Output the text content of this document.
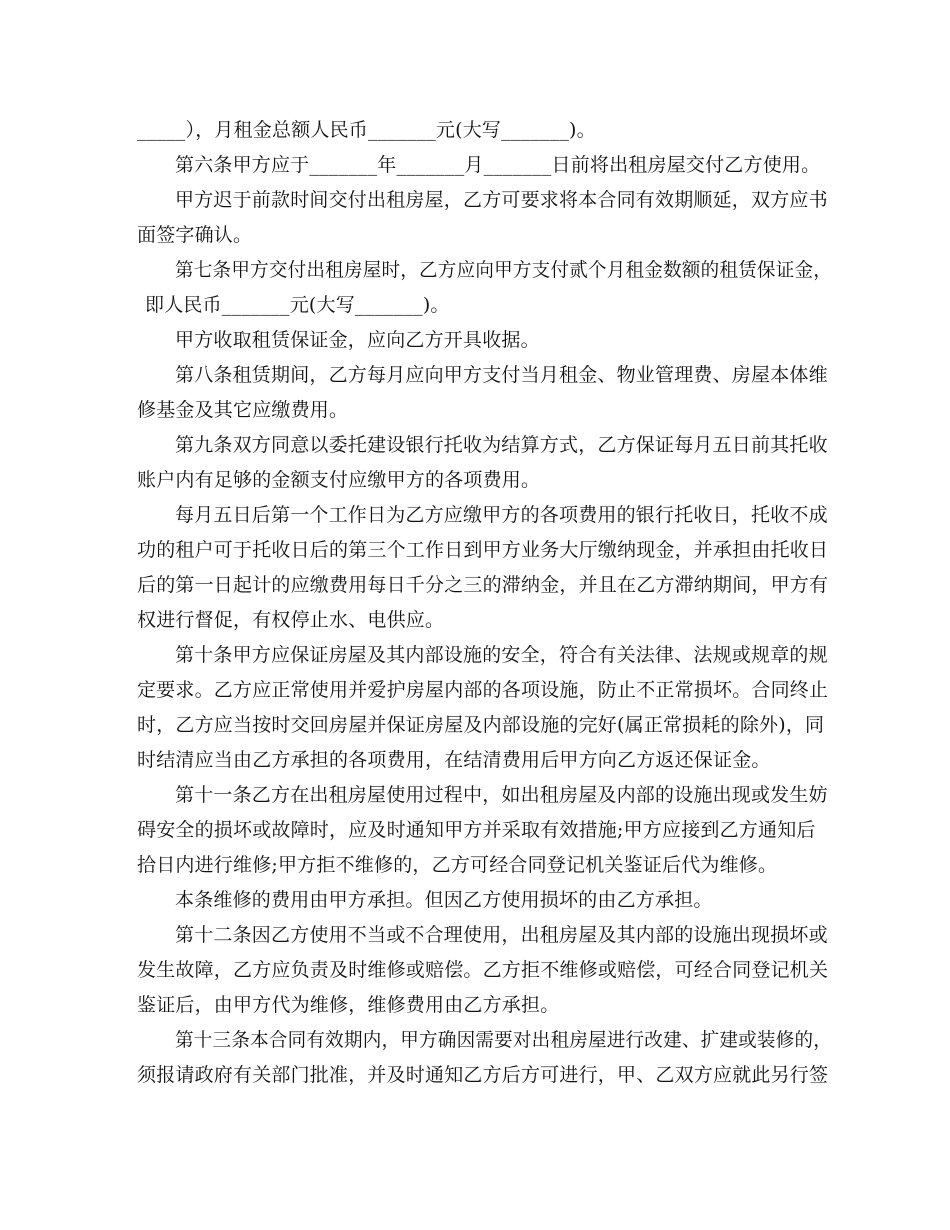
_____），月租金总额人民币_______元(大写_______)。
第六条甲方应于_______年_______月_______日前将出租房屋交付乙方使用。
甲方迟于前款时间交付出租房屋，乙方可要求将本合同有效期顺延，双方应书
面签字确认。
第七条甲方交付出租房屋时，乙方应向甲方支付贰个月租金数额的租赁保证金，
即人民币_______元(大写_______)。
甲方收取租赁保证金，应向乙方开具收据。
第八条租赁期间，乙方每月应向甲方支付当月租金、物业管理费、房屋本体维
修基金及其它应缴费用。
第九条双方同意以委托建设银行托收为结算方式，乙方保证每月五日前其托收
账户内有足够的金额支付应缴甲方的各项费用。
每月五日后第一个工作日为乙方应缴甲方的各项费用的银行托收日，托收不成
功的租户可于托收日后的第三个工作日到甲方业务大厅缴纳现金，并承担由托收日
后的第一日起计的应缴费用每日千分之三的滞纳金，并且在乙方滞纳期间，甲方有
权进行督促，有权停止水、电供应。
第十条甲方应保证房屋及其内部设施的安全，符合有关法律、法规或规章的规
定要求。乙方应正常使用并爱护房屋内部的各项设施，防止不正常损坏。合同终止
时，乙方应当按时交回房屋并保证房屋及内部设施的完好(属正常损耗的除外)，同
时结清应当由乙方承担的各项费用，在结清费用后甲方向乙方返还保证金。
第十一条乙方在出租房屋使用过程中，如出租房屋及内部的设施出现或发生妨
碍安全的损坏或故障时，应及时通知甲方并采取有效措施;甲方应接到乙方通知后
拾日内进行维修;甲方拒不维修的，乙方可经合同登记机关鉴证后代为维修。
本条维修的费用由甲方承担。但因乙方使用损坏的由乙方承担。
第十二条因乙方使用不当或不合理使用，出租房屋及其内部的设施出现损坏或
发生故障，乙方应负责及时维修或赔偿。乙方拒不维修或赔偿，可经合同登记机关
鉴证后，由甲方代为维修，维修费用由乙方承担。
第十三条本合同有效期内，甲方确因需要对出租房屋进行改建、扩建或装修的，
须报请政府有关部门批准，并及时通知乙方后方可进行，甲、乙双方应就此另行签
